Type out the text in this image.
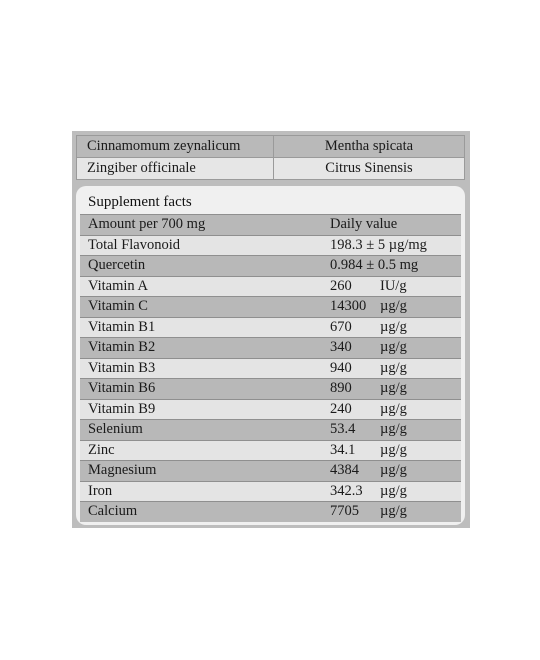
Cinnamomum zeynalicum	Mentha spicata
Zingiber officinale	Citrus Sinensis
Supplement facts
Amount per 700 mg	Daily value
Total Flavonoid	198.3 ± 5 µg/mg
Quercetin	0.984 ± 0.5 mg
Vitamin A	260 IU/g
Vitamin C	14300 µg/g
Vitamin B1	670 µg/g
Vitamin B2	340 µg/g
Vitamin B3	940 µg/g
Vitamin B6	890 µg/g
Vitamin B9	240 µg/g
Selenium	53.4 µg/g
Zinc	34.1 µg/g
Magnesium	4384 µg/g
Iron	342.3 µg/g
Calcium	7705 µg/g
